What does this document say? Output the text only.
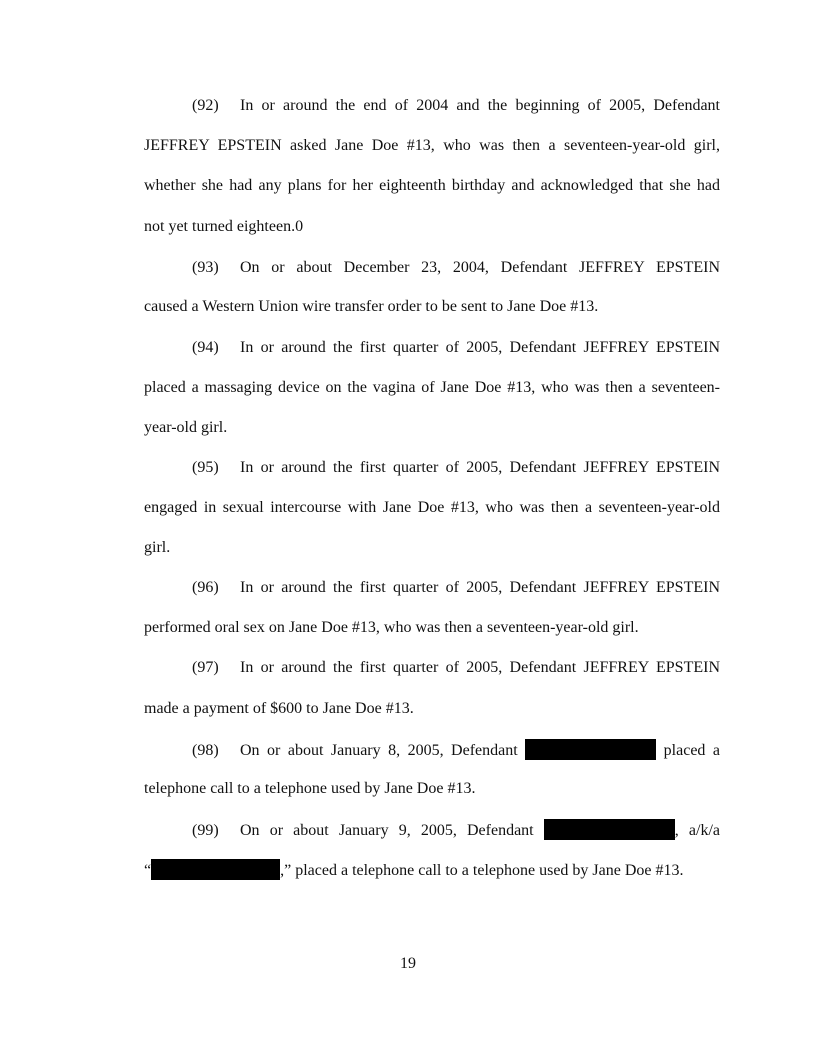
(92) In or around the end of 2004 and the beginning of 2005, Defendant
JEFFREY EPSTEIN asked Jane Doe #13, who was then a seventeen-year-old girl,
whether she had any plans for her eighteenth birthday and acknowledged that she had
not yet turned eighteen.0
(93) On or about December 23, 2004, Defendant JEFFREY EPSTEIN
caused a Western Union wire transfer order to be sent to Jane Doe #13.
(94) In or around the first quarter of 2005, Defendant JEFFREY EPSTEIN
placed a massaging device on the vagina of Jane Doe #13, who was then a seventeen-
year-old girl.
(95) In or around the first quarter of 2005, Defendant JEFFREY EPSTEIN
engaged in sexual intercourse with Jane Doe #13, who was then a seventeen-year-old
girl.
(96) In or around the first quarter of 2005, Defendant JEFFREY EPSTEIN
performed oral sex on Jane Doe #13, who was then a seventeen-year-old girl.
(97) In or around the first quarter of 2005, Defendant JEFFREY EPSTEIN
made a payment of $600 to Jane Doe #13.
(98) On or about January 8, 2005, Defendant	placed a
telephone call to a telephone used by Jane Doe #13.
(99) On or about January 9, 2005, Defendant	, a/k/a
“	,” placed a telephone call to a telephone used by Jane Doe #13.
19
